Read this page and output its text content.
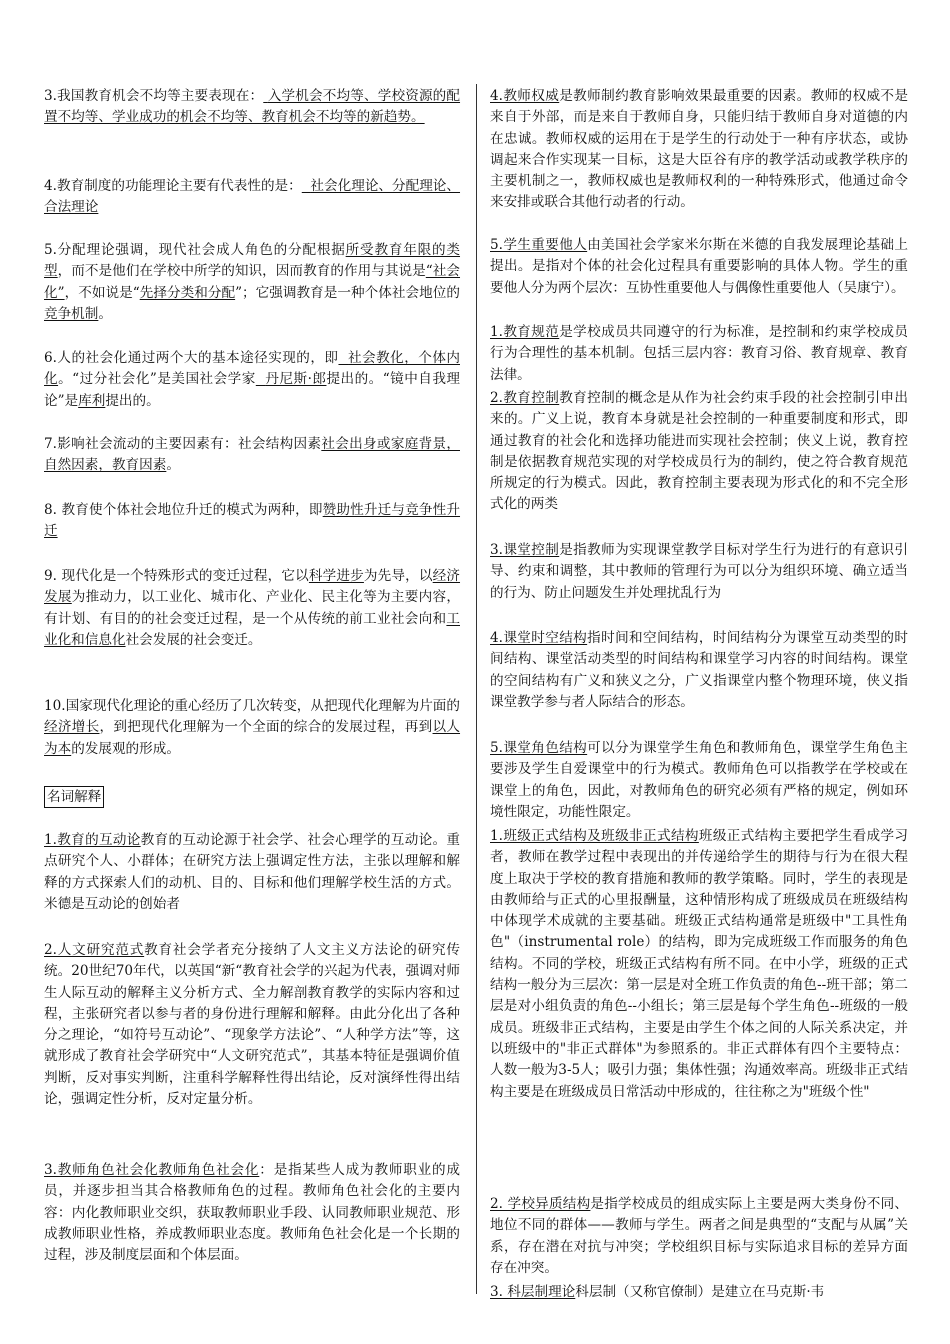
3.我国教育机会不均等主要表现在： 入学机会不均等、学校资源的配置不均等、学业成功的机会不均等、教育机会不均等的新趋势。

4.教育制度的功能理论主要有代表性的是： 社会化理论、分配理论、合法理论

5.分配理论强调，现代社会成人角色的分配根据所受教育年限的类型，而不是他们在学校中所学的知识，因而教育的作用与其说是“社会化”，不如说是“先择分类和分配”；它强调教育是一种个体社会地位的竞争机制。

6.人的社会化通过两个大的基本途径实现的，即 社会教化，个体内化。“过分社会化”是美国社会学家 丹尼斯·郎提出的。“镜中自我理论”是库利提出的。

7.影响社会流动的主要因素有：社会结构因素社会出身或家庭背景，自然因素，教育因素。

8. 教育使个体社会地位升迁的模式为两种，即赞助性升迁与竞争性升迁

9. 现代化是一个特殊形式的变迁过程，它以科学进步为先导，以经济发展为推动力，以工业化、城市化、产业化、民主化等为主要内容，有计划、有目的的社会变迁过程，是一个从传统的前工业社会向和工业化和信息化社会发展的社会变迁。

10.国家现代化理论的重心经历了几次转变，从把现代化理解为片面的经济增长，到把现代化理解为一个全面的综合的发展过程，再到以人为本的发展观的形成。

名词解释

1.教育的互动论教育的互动论源于社会学、社会心理学的互动论。重点研究个人、小群体；在研究方法上强调定性方法，主张以理解和解释的方式探索人们的动机、目的、目标和他们理解学校生活的方式。米德是互动论的创始者

2.人文研究范式教育社会学者充分接纳了人文主义方法论的研究传统。20世纪70年代，以英国“新“教育社会学的兴起为代表，强调对师生人际互动的解释主义分析方式、全力解剖教育教学的实际内容和过程，主张研究者以参与者的身份进行理解和解释。由此分化出了各种分之理论，“如符号互动论”、“现象学方法论”、“人种学方法”等，这就形成了教育社会学研究中“人文研究范式”，其基本特征是强调价值判断，反对事实判断，注重科学解释性得出结论，反对演绎性得出结论，强调定性分析，反对定量分析。

3.教师角色社会化教师角色社会化：是指某些人成为教师职业的成员，并逐步担当其合格教师角色的过程。教师角色社会化的主要内容：内化教师职业交织，获取教师职业手段、认同教师职业规范、形成教师职业性格，养成教师职业态度。教师角色社会化是一个长期的过程，涉及制度层面和个体层面。

4.教师权威是教师制约教育影响效果最重要的因素。教师的权威不是来自于外部，而是来自于教师自身，只能归结于教师自身对道德的内在忠诚。教师权威的运用在于是学生的行动处于一种有序状态，或协调起来合作实现某一目标，这是大臣谷有序的教学活动或教学秩序的主要机制之一，教师权威也是教师权利的一种特殊形式，他通过命令来安排或联合其他行动者的行动。

5.学生重要他人由美国社会学家米尔斯在米德的自我发展理论基础上提出。是指对个体的社会化过程具有重要影响的具体人物。学生的重要他人分为两个层次：互协性重要他人与偶像性重要他人（吴康宁）。

1.教育规范是学校成员共同遵守的行为标准，是控制和约束学校成员行为合理性的基本机制。包括三层内容：教育习俗、教育规章、教育法律。

2.教育控制教育控制的概念是从作为社会约束手段的社会控制引申出来的。广义上说，教育本身就是社会控制的一种重要制度和形式，即通过教育的社会化和选择功能进而实现社会控制；侠义上说，教育控制是依据教育规范实现的对学校成员行为的制约，使之符合教育规范所规定的行为模式。因此，教育控制主要表现为形式化的和不完全形式化的两类

3.课堂控制是指教师为实现课堂教学目标对学生行为进行的有意识引导、约束和调整，其中教师的管理行为可以分为组织环境、确立适当的行为、防止问题发生并处理扰乱行为

4.课堂时空结构指时间和空间结构，时间结构分为课堂互动类型的时间结构、课堂活动类型的时间结构和课堂学习内容的时间结构。课堂的空间结构有广义和狭义之分，广义指课堂内整个物理环境，侠义指课堂教学参与者人际结合的形态。

5.课堂角色结构可以分为课堂学生角色和教师角色，课堂学生角色主要涉及学生自爱课堂中的行为模式。教师角色可以指教学在学校或在课堂上的角色，因此，对教师角色的研究必须有严格的规定，例如环境性限定，功能性限定。

1.班级正式结构及班级非正式结构班级正式结构主要把学生看成学习者，教师在教学过程中表现出的并传递给学生的期待与行为在很大程度上取决于学校的教育措施和教师的教学策略。同时，学生的表现是由教师给与正式的心里报酬量，这种情形构成了班级成员在班级结构中体现学术成就的主要基础。班级正式结构通常是班级中"工具性角色"（instrumental role）的结构，即为完成班级工作而服务的角色结构。不同的学校，班级正式结构有所不同。在中小学，班级的正式结构一般分为三层次：第一层是对全班工作负责的角色--班干部；第二层是对小组负责的角色--小组长；第三层是每个学生角色--班级的一般成员。班级非正式结构，主要是由学生个体之间的人际关系决定，并以班级中的"非正式群体"为参照系的。非正式群体有四个主要特点：人数一般为3-5人；吸引力强；集体性强；沟通效率高。班级非正式结构主要是在班级成员日常活动中形成的，往往称之为"班级个性"

2. 学校异质结构是指学校成员的组成实际上主要是两大类身份不同、地位不同的群体——教师与学生。两者之间是典型的“支配与从属”关系，存在潜在对抗与冲突；学校组织目标与实际追求目标的差异方面存在冲突。

3. 科层制理论科层制（又称官僚制）是建立在马克斯·韦
